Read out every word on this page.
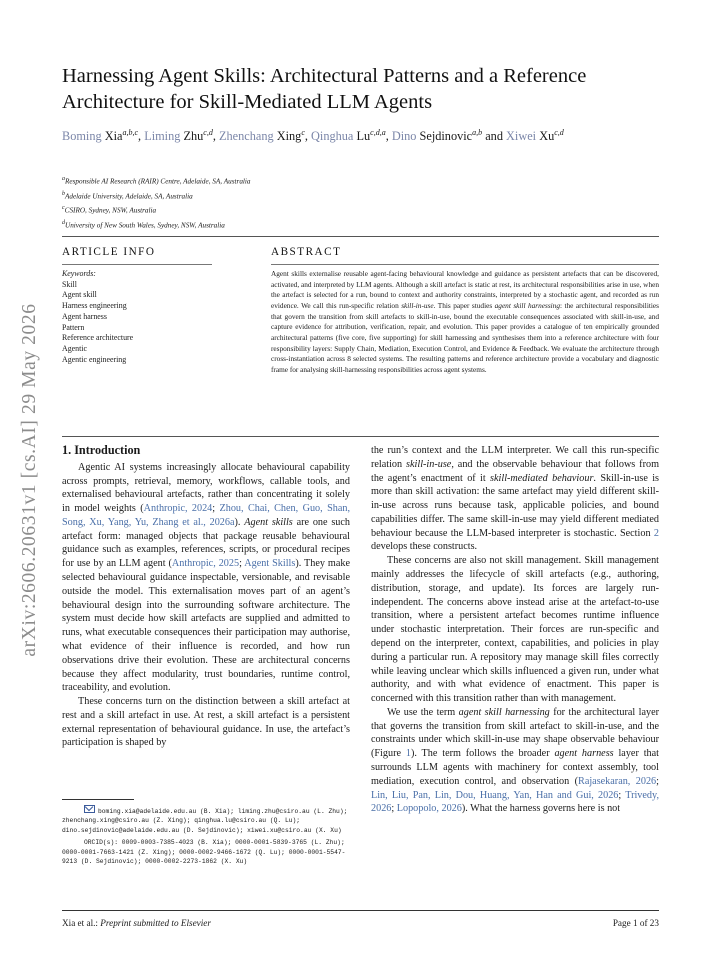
arXiv:2606.20631v1 [cs.AI] 29 May 2026
Harnessing Agent Skills: Architectural Patterns and a Reference
Architecture for Skill-Mediated LLM Agents
Boming Xia$^{a,b,c}$, Liming Zhu$^{c,d}$, Zhenchang Xing$^c$, Qinghua Lu$^{c,d,a}$, Dino Sejdinovic$^{a,b}$ and Xiwei Xu$^{c,d}$
$^a$Responsible AI Research (RAIR) Centre, Adelaide, SA, Australia
$^b$Adelaide University, Adelaide, SA, Australia
$^c$CSIRO, Sydney, NSW, Australia
$^d$University of New South Wales, Sydney, NSW, Australia
ARTICLE INFO	ABSTRACT
Keywords:
Skill
Agent skill
Harness engineering
Agent harness
Pattern
Reference architecture
Agentic
Agentic engineering
Agent skills externalise reusable agent-facing behavioural knowledge and guidance as persistent artefacts that can be discovered, activated, and interpreted by LLM agents. Although a skill artefact is static at rest, its architectural responsibilities arise in use, when the artefact is selected for a run, bound to context and authority constraints, interpreted by a stochastic agent, and recorded as run evidence. We call this run-specific relation skill-in-use. This paper studies agent skill harnessing: the architectural responsibilities that govern the transition from skill artefacts to skill-in-use, bound the executable consequences associated with skill-in-use, and capture evidence for attribution, verification, repair, and evolution. This paper provides a catalogue of ten empirically grounded architectural patterns (five core, five supporting) for skill harnessing and synthesises them into a reference architecture with four responsibility layers: Supply Chain, Mediation, Execution Control, and Evidence & Feedback. We evaluate the architecture through cross-instantiation across 8 selected systems. The resulting patterns and reference architecture provide a vocabulary and diagnostic frame for analysing skill-harnessing responsibilities across agent systems.
1. Introduction

Agentic AI systems increasingly allocate behavioural capability across prompts, retrieval, memory, workflows, callable tools, and externalised behavioural artefacts, rather than concentrating it solely in model weights (Anthropic, 2024; Zhou, Chai, Chen, Guo, Shan, Song, Xu, Yang, Yu, Zhang et al., 2026a). Agent skills are one such artefact form: managed objects that package reusable behavioural guidance such as examples, references, scripts, or procedural recipes for use by an LLM agent (Anthropic, 2025; Agent Skills). They make selected behavioural guidance inspectable, versionable, and revisable outside the model. This externalisation moves part of an agent’s behavioural design into the surrounding software architecture. The system must decide how skill artefacts are supplied and admitted to runs, what executable consequences their participation may authorise, what evidence of their influence is recorded, and how run observations drive their evolution. These are architectural concerns because they affect modularity, trust boundaries, runtime control, traceability, and evolution.

These concerns turn on the distinction between a skill artefact at rest and a skill artefact in use. At rest, a skill artefact is a persistent external representation of behavioural guidance. In use, the artefact’s participation is shaped by

boming.xia@adelaide.edu.au (B. Xia); liming.zhu@csiro.au (L. Zhu); zhenchang.xing@csiro.au (Z. Xing); qinghua.lu@csiro.au (Q. Lu); dino.sejdinovic@adelaide.edu.au (D. Sejdinovic); xiwei.xu@csiro.au (X. Xu)
ORCID(s): 0009-0003-7385-4023 (B. Xia); 0000-0001-5839-3765 (L. Zhu); 0000-0001-7663-1421 (Z. Xing); 0000-0002-9466-1672 (Q. Lu); 0000-0001-5547-9213 (D. Sejdinovic); 0000-0002-2273-1862 (X. Xu)

the run’s context and the LLM interpreter. We call this run-specific relation skill-in-use, and the observable behaviour that follows from the agent’s enactment of it skill-mediated behaviour. Skill-in-use is more than skill activation: the same artefact may yield different skill-in-use across runs because task, applicable policies, and bound capabilities differ. The same skill-in-use may yield different mediated behaviour because the LLM-based interpreter is stochastic. Section 2 develops these constructs.

These concerns are also not skill management. Skill management mainly addresses the lifecycle of skill artefacts (e.g., authoring, distribution, storage, and update). Its forces are largely run-independent. The concerns above instead arise at the artefact-to-use transition, where a persistent artefact becomes runtime influence under stochastic interpretation. Their forces are run-specific and depend on the interpreter, context, capabilities, and policies in play during a particular run. A repository may manage skill files correctly while leaving unclear which skills influenced a given run, under what authority, and with what evidence of enactment. This paper is concerned with this transition rather than with management.

We use the term agent skill harnessing for the architectural layer that governs the transition from skill artefact to skill-in-use, and the constraints under which skill-in-use may shape observable behaviour (Figure 1). The term follows the broader agent harness layer that surrounds LLM agents with machinery for context assembly, tool mediation, execution control, and observation (Rajasekaran, 2026; Lin, Liu, Pan, Lin, Dou, Huang, Yan, Han and Gui, 2026; Trivedy, 2026; Lopopolo, 2026). What the harness governs here is not

Xia et al.: Preprint submitted to Elsevier	Page 1 of 23
